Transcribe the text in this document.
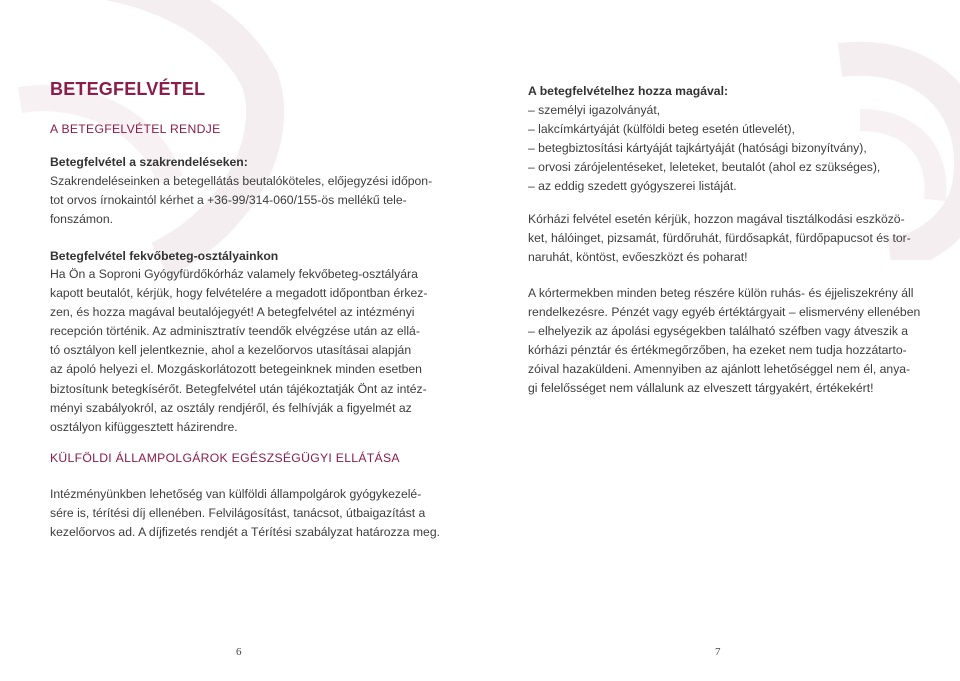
BETEGFELVÉTEL
A BETEGFELVÉTEL RENDJE
Betegfelvétel a szakrendeléseken:

Szakrendeléseinken a betegellátás beutalóköteles, előjegyzési időpon-
tot orvos írnokaintól kérhet a +36-99/314-060/155-ös mellékű tele-
fonszámon.

Betegfelvétel fekvőbeteg-osztályainkon

Ha Ön a Soproni Gyógyfürdőkórház valamely fekvőbeteg-osztályára
kapott beutalót, kérjük, hogy felvételére a megadott időpontban érkez-
zen, és hozza magával beutalójegyét! A betegfelvétel az intézményi
recepción történik. Az adminisztratív teendők elvégzése után az ellá-
tó osztályon kell jelentkeznie, ahol a kezelőorvos utasításai alapján
az ápoló helyezi el. Mozgáskorlátozott betegeinknek minden esetben
biztosítunk betegkísérőt. Betegfelvétel után tájékoztatják Önt az intéz-
ményi szabályokról, az osztály rendjéről, és felhívják a figyelmét az
osztályon kifüggesztett házirendre.

KÜLFÖLDI ÁLLAMPOLGÁROK EGÉSZSÉGÜGYI ELLÁTÁSA

Intézményünkben lehetőség van külföldi állampolgárok gyógykezelé-
sére is, térítési díj ellenében. Felvilágosítást, tanácsot, útbaigazítást a
kezelőorvos ad. A díjfizetés rendjét a Térítési szabályzat határozza meg.

6
A betegfelvételhez hozza magával:
– személyi igazolványát,
– lakcímkártyáját (külföldi beteg esetén útlevelét),
– betegbiztosítási kártyáját tajkártyáját (hatósági bizonyítvány),
– orvosi zárójelentéseket, leleteket, beutalót (ahol ez szükséges),
– az eddig szedett gyógyszerei listáját.

Kórházi felvétel esetén kérjük, hozzon magával tisztálkodási eszközö-
ket, hálóinget, pizsamát, fürdőruhát, fürdősapkát, fürdőpapucsot és tor-
naruhát, köntöst, evőeszközt és poharat!

A kórtermekben minden beteg részére külön ruhás- és éjjeliszekrény áll
rendelkezésre. Pénzét vagy egyéb értéktárgyait – elismervény ellenében
– elhelyezik az ápolási egységekben található széfben vagy átveszik a
kórházi pénztár és értékmegőrzőben, ha ezeket nem tudja hozzátarto-
zóival hazaküldeni. Amennyiben az ajánlott lehetőséggel nem él, anya-
gi felelősséget nem vállalunk az elveszett tárgyakért, értékekért!

7
